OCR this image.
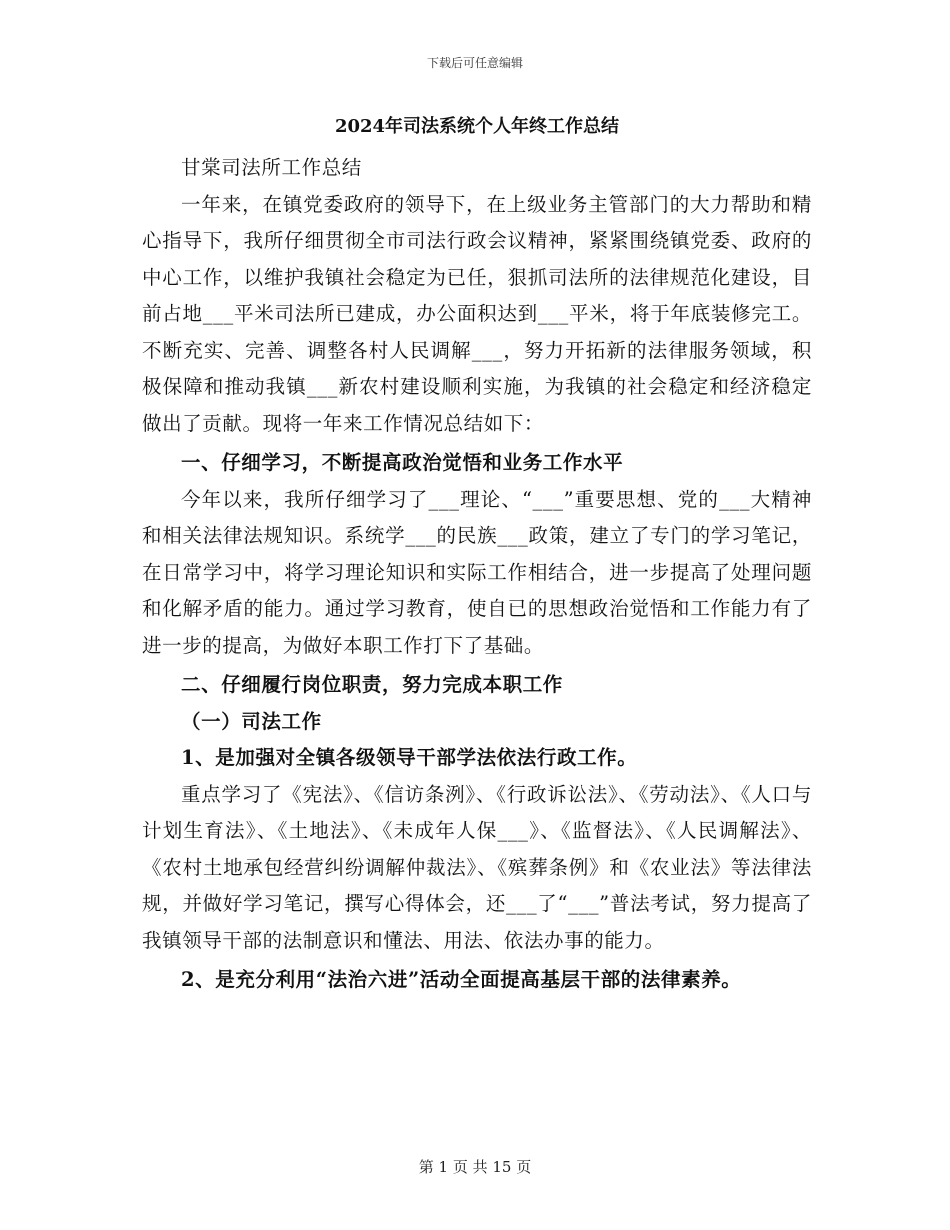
下载后可任意编辑
2024年司法系统个人年终工作总结

甘棠司法所工作总结

一年来，在镇党委政府的领导下，在上级业务主管部门的大力帮助和精心指导下，我所仔细贯彻全市司法行政会议精神，紧紧围绕镇党委、政府的中心工作，以维护我镇社会稳定为已任，狠抓司法所的法律规范化建设，目前占地___平米司法所已建成，办公面积达到___平米，将于年底装修完工。不断充实、完善、调整各村人民调解___，努力开拓新的法律服务领域，积极保障和推动我镇___新农村建设顺利实施，为我镇的社会稳定和经济稳定做出了贡献。现将一年来工作情况总结如下：

一、仔细学习，不断提高政治觉悟和业务工作水平

今年以来，我所仔细学习了___理论、“___”重要思想、党的___大精神和相关法律法规知识。系统学___的民族___政策，建立了专门的学习笔记，在日常学习中，将学习理论知识和实际工作相结合，进一步提高了处理问题和化解矛盾的能力。通过学习教育，使自已的思想政治觉悟和工作能力有了进一步的提高，为做好本职工作打下了基础。

二、仔细履行岗位职责，努力完成本职工作

（一）司法工作

1、是加强对全镇各级领导干部学法依法行政工作。

重点学习了《宪法》、《信访条洌》、《行政诉讼法》、《劳动法》、《人口与计划生育法》、《土地法》、《未成年人保___》、《监督法》、《人民调解法》、《农村土地承包经营纠纷调解仲裁法》、《殡葬条例》和《农业法》等法律法规，并做好学习笔记，撰写心得体会，还___了“___”普法考试，努力提高了我镇领导干部的法制意识和懂法、用法、依法办事的能力。

2、是充分利用“法治六进”活动全面提高基层干部的法律素养。

第 1 页 共 15 页
